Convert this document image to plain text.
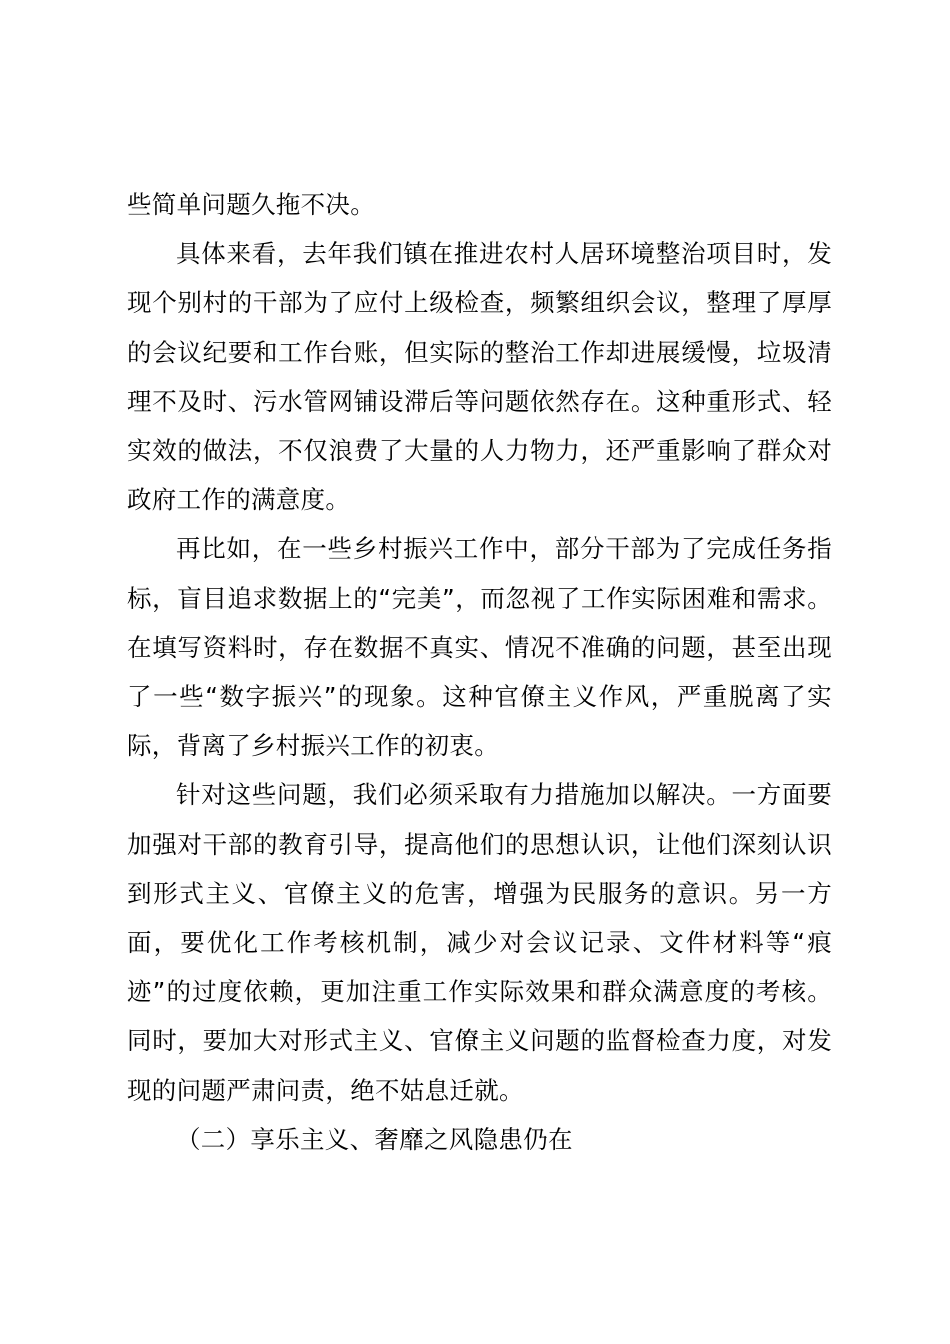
些简单问题久拖不决。

具体来看，去年我们镇在推进农村人居环境整治项目时，发现个别村的干部为了应付上级检查，频繁组织会议，整理了厚厚的会议纪要和工作台账，但实际的整治工作却进展缓慢，垃圾清理不及时、污水管网铺设滞后等问题依然存在。这种重形式、轻实效的做法，不仅浪费了大量的人力物力，还严重影响了群众对政府工作的满意度。

再比如，在一些乡村振兴工作中，部分干部为了完成任务指标，盲目追求数据上的“完美”，而忽视了工作实际困难和需求。在填写资料时，存在数据不真实、情况不准确的问题，甚至出现了一些“数字振兴”的现象。这种官僚主义作风，严重脱离了实际，背离了乡村振兴工作的初衷。

针对这些问题，我们必须采取有力措施加以解决。一方面要加强对干部的教育引导，提高他们的思想认识，让他们深刻认识到形式主义、官僚主义的危害，增强为民服务的意识。另一方面，要优化工作考核机制，减少对会议记录、文件材料等“痕迹”的过度依赖，更加注重工作实际效果和群众满意度的考核。同时，要加大对形式主义、官僚主义问题的监督检查力度，对发现的问题严肃问责，绝不姑息迁就。

（二）享乐主义、奢靡之风隐患仍在
